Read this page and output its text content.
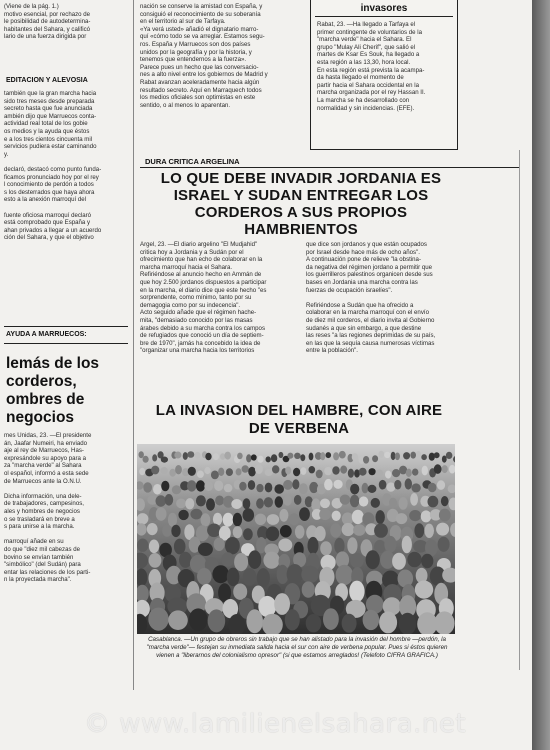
(Viene de la pág. 1.)
motivo esencial, por rechazo de
le posibilidad de autodetermina-
habitantes del Sahara, y calificó
lario de una fuerza dirigida por
EDITACION Y ALEVOSIA
también que la gran marcha hacia
sido tres meses desde preparada
secreto hasta que fue anunciada
ambién dijo que Marruecos conta-
actividad real total de los gobie
os medios y la ayuda que éstos
e a los tres cientos cincuenta mil
servicios pudiera estar caminando
y.

declaró, destacó como punto funda-
ficamos pronunciado hoy por el rey
l conocimiento de perdón a todos
s los desterrados que haya ahora
esto a la anexión marroquí del

fuente oficiosa marroquí declaró
está comprobado que España y
ahan privados a llegar a un acuerdo
ción del Sahara, y que el objetivo
AYUDA A MARRUECOS:
lemás de los
corderos,
ombres de
negocios
mes Unidas, 23. —El presidente
án, Jaafar Numeiri, ha enviado
aje al rey de Marruecos, Has-
expresándole su apoyo para a
za "marcha verde" al Sahara
ol español, informó a esta sede
de Marruecos ante la O.N.U.

Dicha información, una dele-
de trabajadores, campesinos,
ales y hombres de negocios
o se trasladará en breve a
s para unirse a la marcha.

marroquí añade en su
do que "diez mil cabezas de
bovino se envían también
"simbólico" (del Sudán) para
entar las relaciones de los parti-
n la proyectada marcha".
nación se conserve la amistad con España, y
consiguió el reconocimiento de su soberanía
en el territorio al sur de Tarfaya.
«Ya verá usted» añadió el dignatario marro-
quí «cómo todo se va arreglar. Estamos segu-
ros. España y Marruecos son dos países
unidos por la geografía y por la historia, y
tenemos que entendernos a la fuerza».
Parece pues un hecho que las conversacio-
nes a alto nivel entre los gobiernos de Madrid y
Rabat avanzan aceleradamente hacia algún
resultado secreto. Aquí en Marraquech todos
los medios oficiales son optimistas en este
sentido, o al menos lo aparentan.
invasores
Rabat, 23. —Ha llegado a Tarfaya el
primer contingente de voluntarios de la
"marcha verde" hacia el Sahara. El
grupo "Mulay Ali Cherif", que salió el
martes de Ksar Es Souk, ha llegado a
esta región a las 13,30, hora local.
En esta región está prevista la acampa-
da hasta llegado el momento de
partir hacia el Sahara occidental en la
marcha organizada por el rey Hassan II.
La marcha se ha desarrollado con
normalidad y sin incidencias. (EFE).
DURA CRITICA ARGELINA
LO QUE DEBE INVADIR JORDANIA ES
ISRAEL Y SUDAN ENTREGAR LOS
CORDEROS A SUS PROPIOS
HAMBRIENTOS
Argel, 23. —El diario argelino "El Mudjahid"
critica hoy a Jordania y a Sudán por el
ofrecimiento que han echo de colaborar en la
marcha marroquí hacia el Sahara.
Refiriéndose al anuncio hecho en Ammán de
que hoy 2.500 jordanos dispuestos a participar
en la marcha, el diario dice que este hecho "es
sorprendente, como mínimo, tanto por su
demagogia como por su indecencia".
Acto seguido añade que el régimen hache-
mita, "demasiado conocido por las masas
árabes debido a su marcha contra los campos
de refugiados que conoció un día de septiem-
bre de 1970", jamás ha concebido la idea de
"organizar una marcha hacia los territorios
que dice son jordanos y que están ocupados
por Israel desde hace más de ocho años".
A continuación pone de relieve "la obstina-
da negativa del régimen jordano a permitir que
los guerrilleros palestinos organicen desde sus
bases en Jordania una marcha contra las
fuerzas de ocupación israelíes".

Refiriéndose a Sudán que ha ofrecido a
colaborar en la marcha marroquí con el envío
de diez mil corderos, el diario invita al Gobierno
sudanés a que sin embargo, a que destine
las reses "a las regiones deprimidas de su país,
en las que la sequía causa numerosas víctimas
entre la población".
LA INVASION DEL HAMBRE, CON AIRE
DE VERBENA
Casablanca. —Un grupo de obreros sin trabajo que se han alistado para la invasión del hombre —perdón, la "marcha verde"— festejan su inmediata salida hacia el sur con aire de verbena popular. Pues si éstos quieren vienen a "liberarnos del colonialismo opresor" (si que estamos arreglados! (Telefoto CIFRA GRAFICA.)
© www.lamilienelsahara.net
